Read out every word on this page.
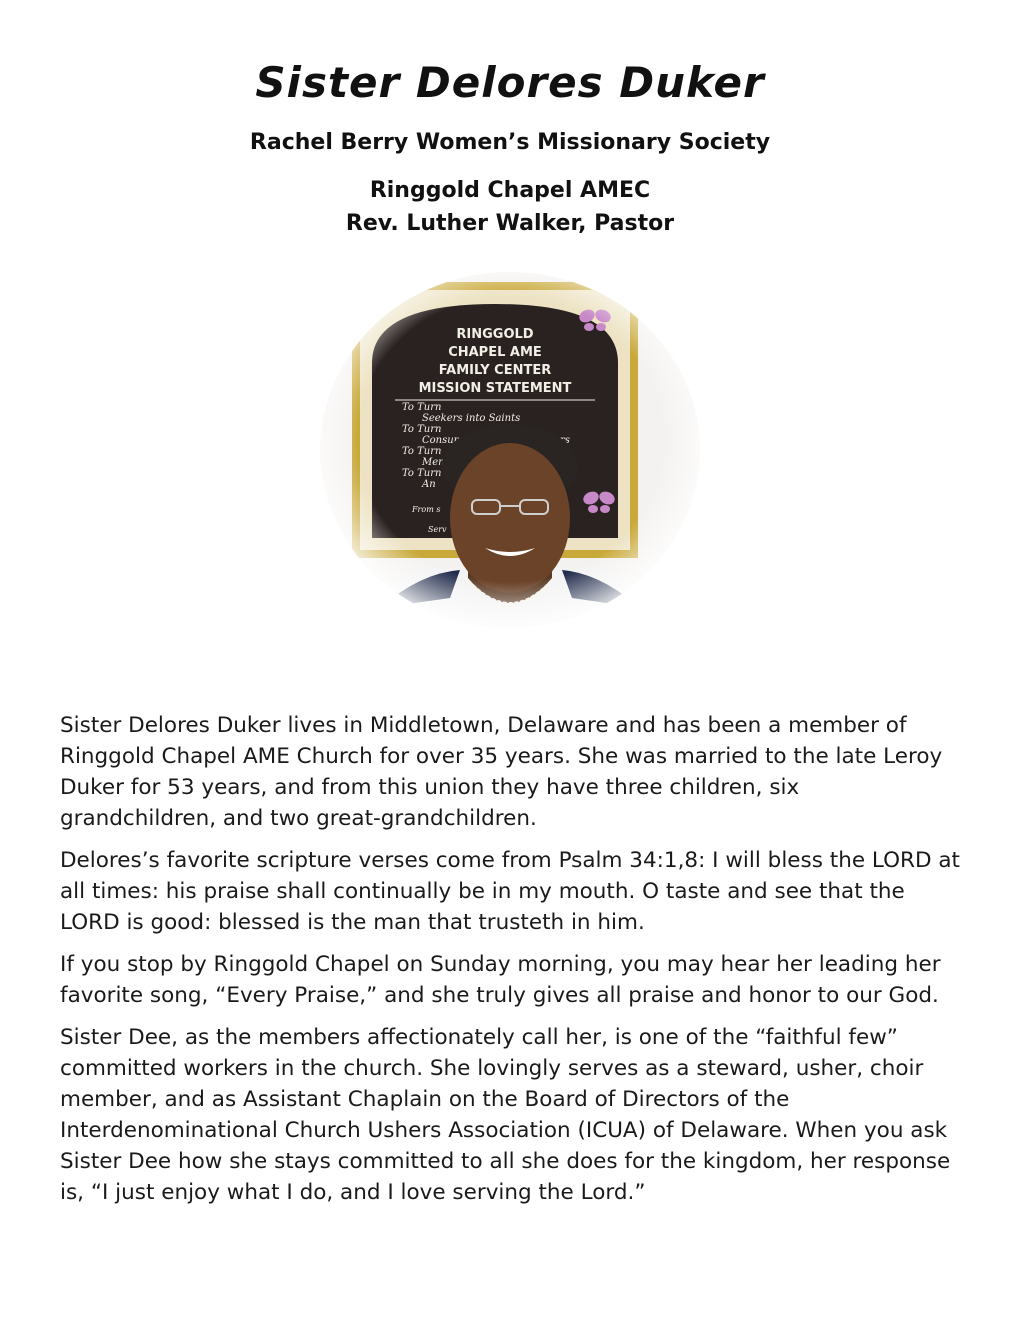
Sister Delores Duker
Rachel Berry Women’s Missionary Society
Ringgold Chapel AMEC
Rev. Luther Walker, Pastor

Sister Delores Duker lives in Middletown, Delaware and has been a member of Ringgold Chapel AME Church for over 35 years. She was married to the late Leroy Duker for 53 years, and from this union they have three children, six grandchildren, and two great-grandchildren.

Delores’s favorite scripture verses come from Psalm 34:1,8: I will bless the LORD at all times: his praise shall continually be in my mouth. O taste and see that the LORD is good: blessed is the man that trusteth in him.

If you stop by Ringgold Chapel on Sunday morning, you may hear her leading her favorite song, “Every Praise,” and she truly gives all praise and honor to our God.

Sister Dee, as the members affectionately call her, is one of the “faithful few” committed workers in the church. She lovingly serves as a steward, usher, choir member, and as Assistant Chaplain on the Board of Directors of the Interdenominational Church Ushers Association (ICUA) of Delaware. When you ask Sister Dee how she stays committed to all she does for the kingdom, her response is, “I just enjoy what I do, and I love serving the Lord.”
